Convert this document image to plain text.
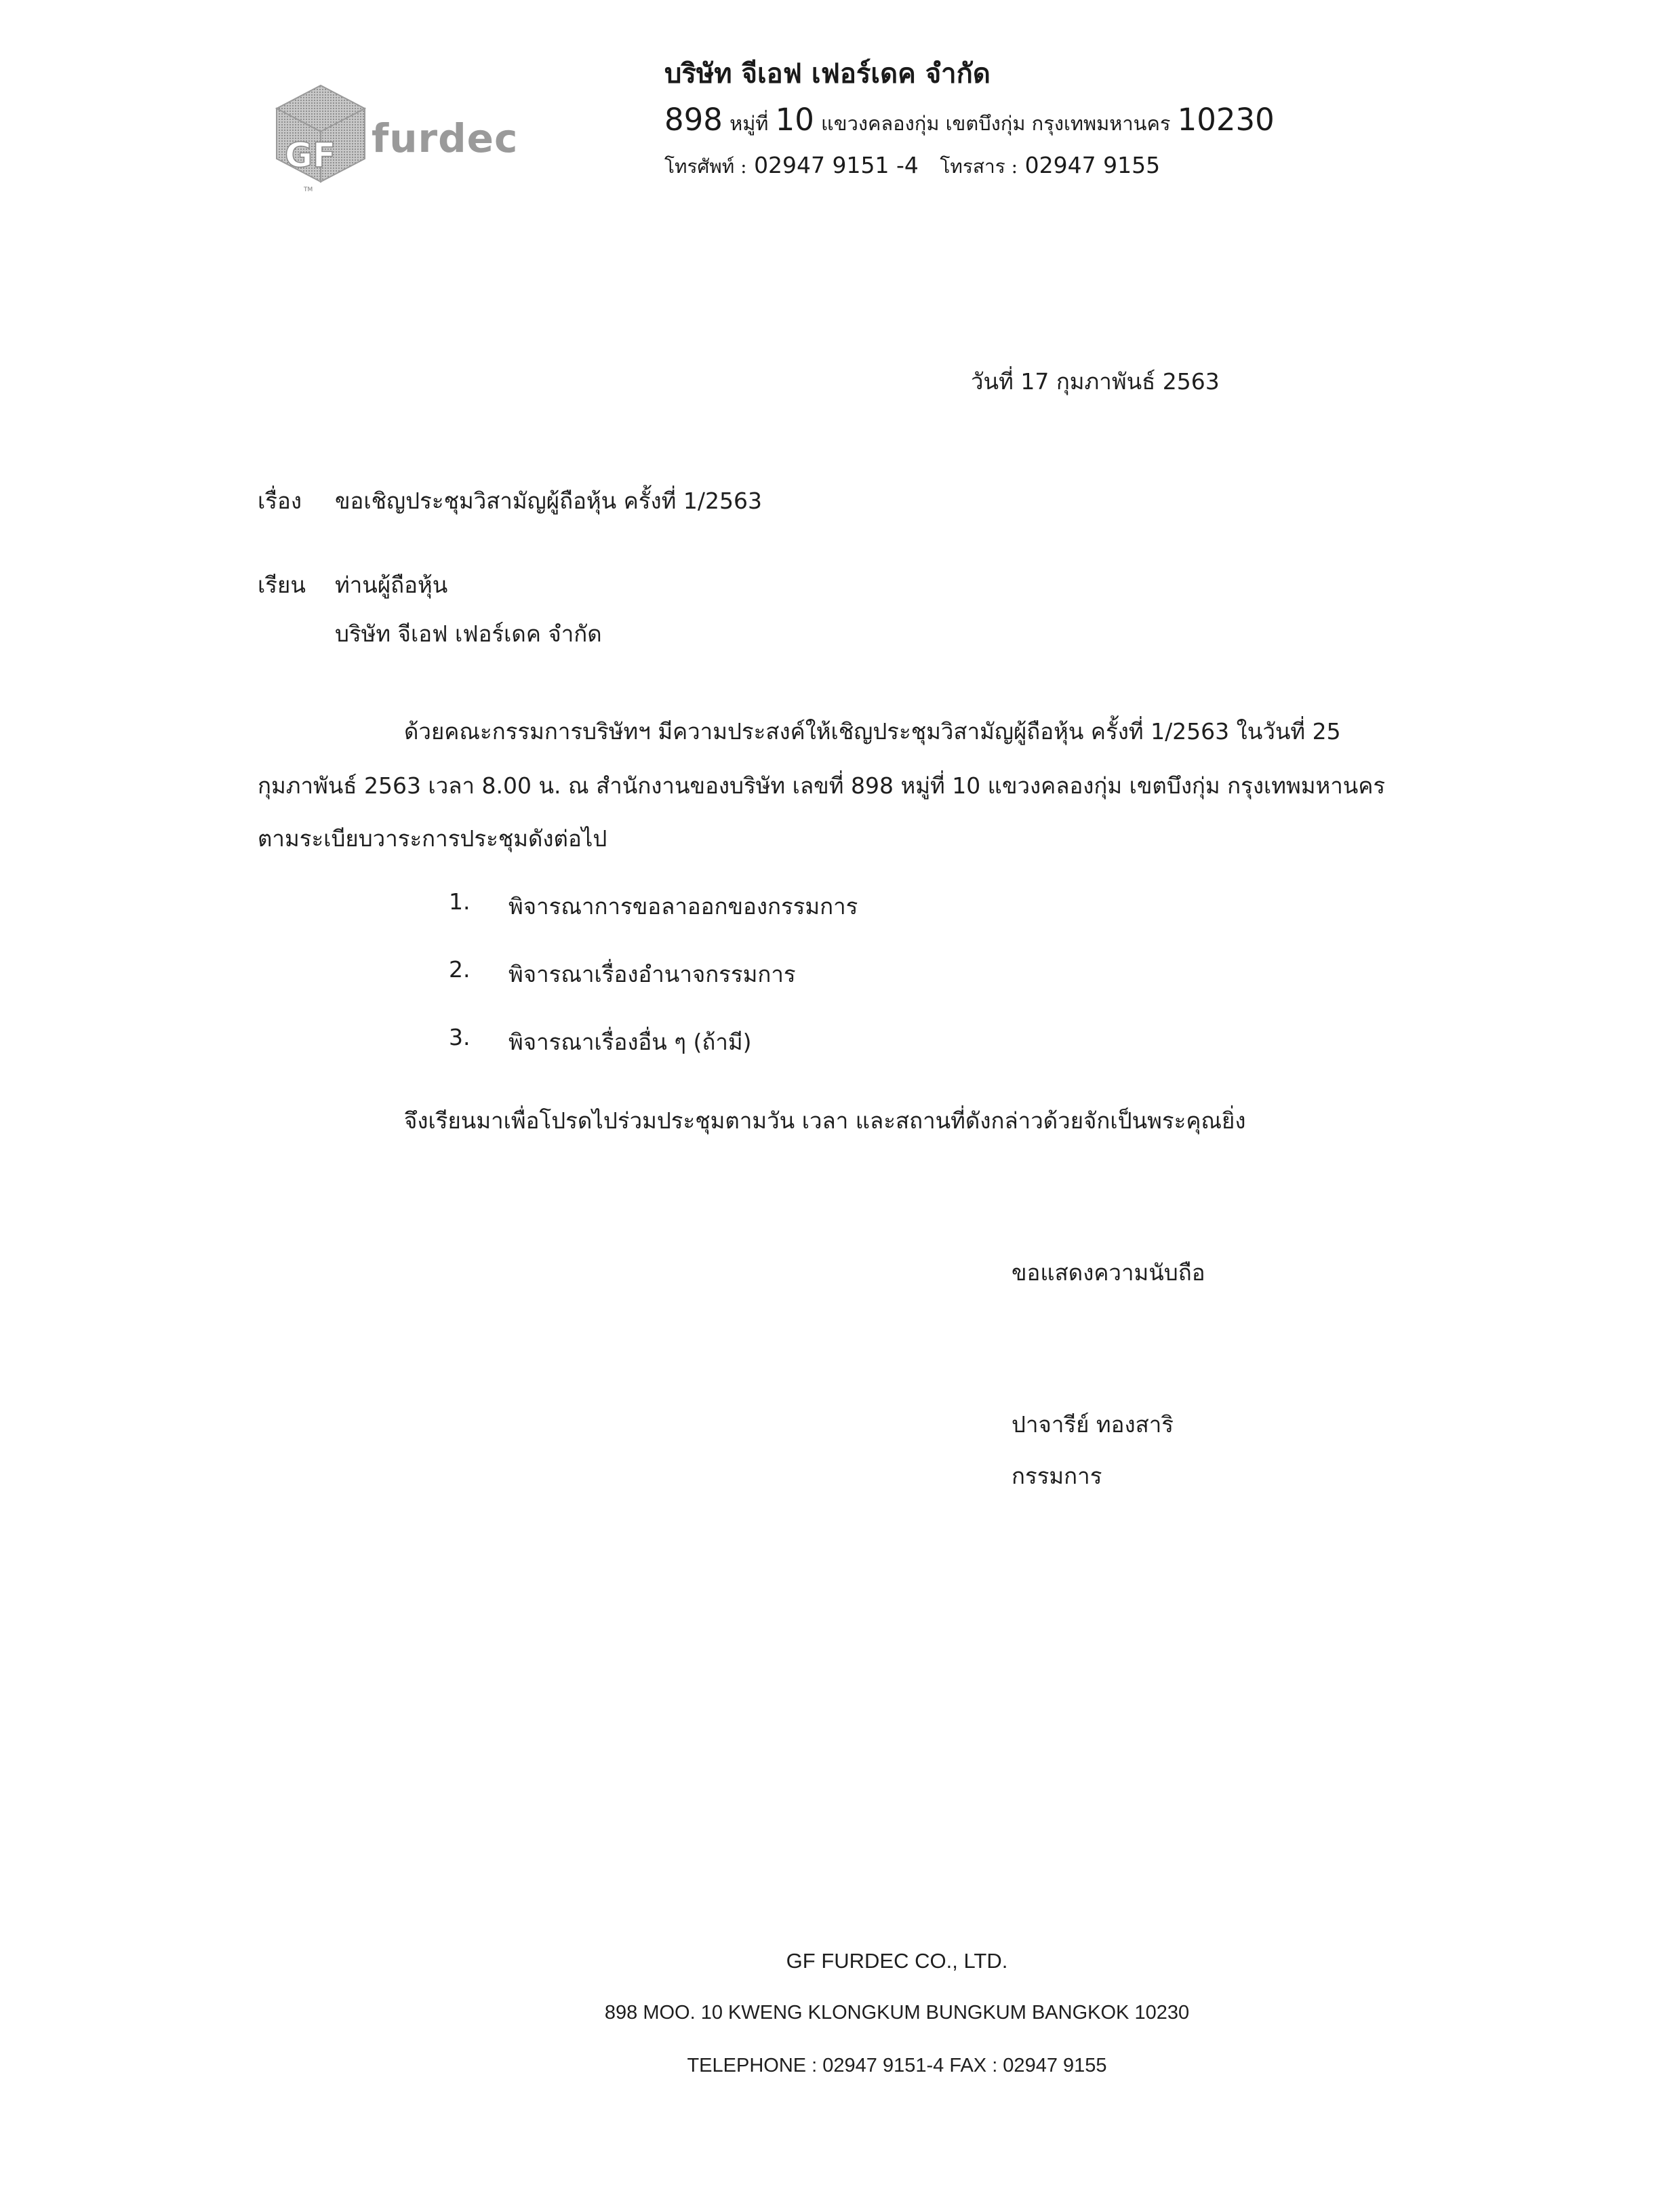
GF
TM
furdec
บริษัท จีเอฟ เฟอร์เดค จำกัด
898 หมู่ที่ 10 แขวงคลองกุ่ม เขตบึงกุ่ม กรุงเทพมหานคร 10230
โทรศัพท์ : 02947 9151 -4 โทรสาร : 02947 9155
วันที่ 17 กุมภาพันธ์ 2563
เรื่อง ขอเชิญประชุมวิสามัญผู้ถือหุ้น ครั้งที่ 1/2563
เรียน ท่านผู้ถือหุ้น
บริษัท จีเอฟ เฟอร์เดค จำกัด
ด้วยคณะกรรมการบริษัทฯ มีความประสงค์ให้เชิญประชุมวิสามัญผู้ถือหุ้น ครั้งที่ 1/2563 ในวันที่ 25
กุมภาพันธ์ 2563 เวลา 8.00 น. ณ สำนักงานของบริษัท เลขที่ 898 หมู่ที่ 10 แขวงคลองกุ่ม เขตบึงกุ่ม กรุงเทพมหานคร
ตามระเบียบวาระการประชุมดังต่อไป
1. พิจารณาการขอลาออกของกรรมการ
2. พิจารณาเรื่องอำนาจกรรมการ
3. พิจารณาเรื่องอื่น ๆ (ถ้ามี)
จึงเรียนมาเพื่อโปรดไปร่วมประชุมตามวัน เวลา และสถานที่ดังกล่าวด้วยจักเป็นพระคุณยิ่ง
ขอแสดงความนับถือ
ปาจารีย์ ทองสาริ
กรรมการ
GF FURDEC CO., LTD.
898 MOO. 10 KWENG KLONGKUM BUNGKUM BANGKOK 10230
TELEPHONE : 02947 9151-4 FAX : 02947 9155
